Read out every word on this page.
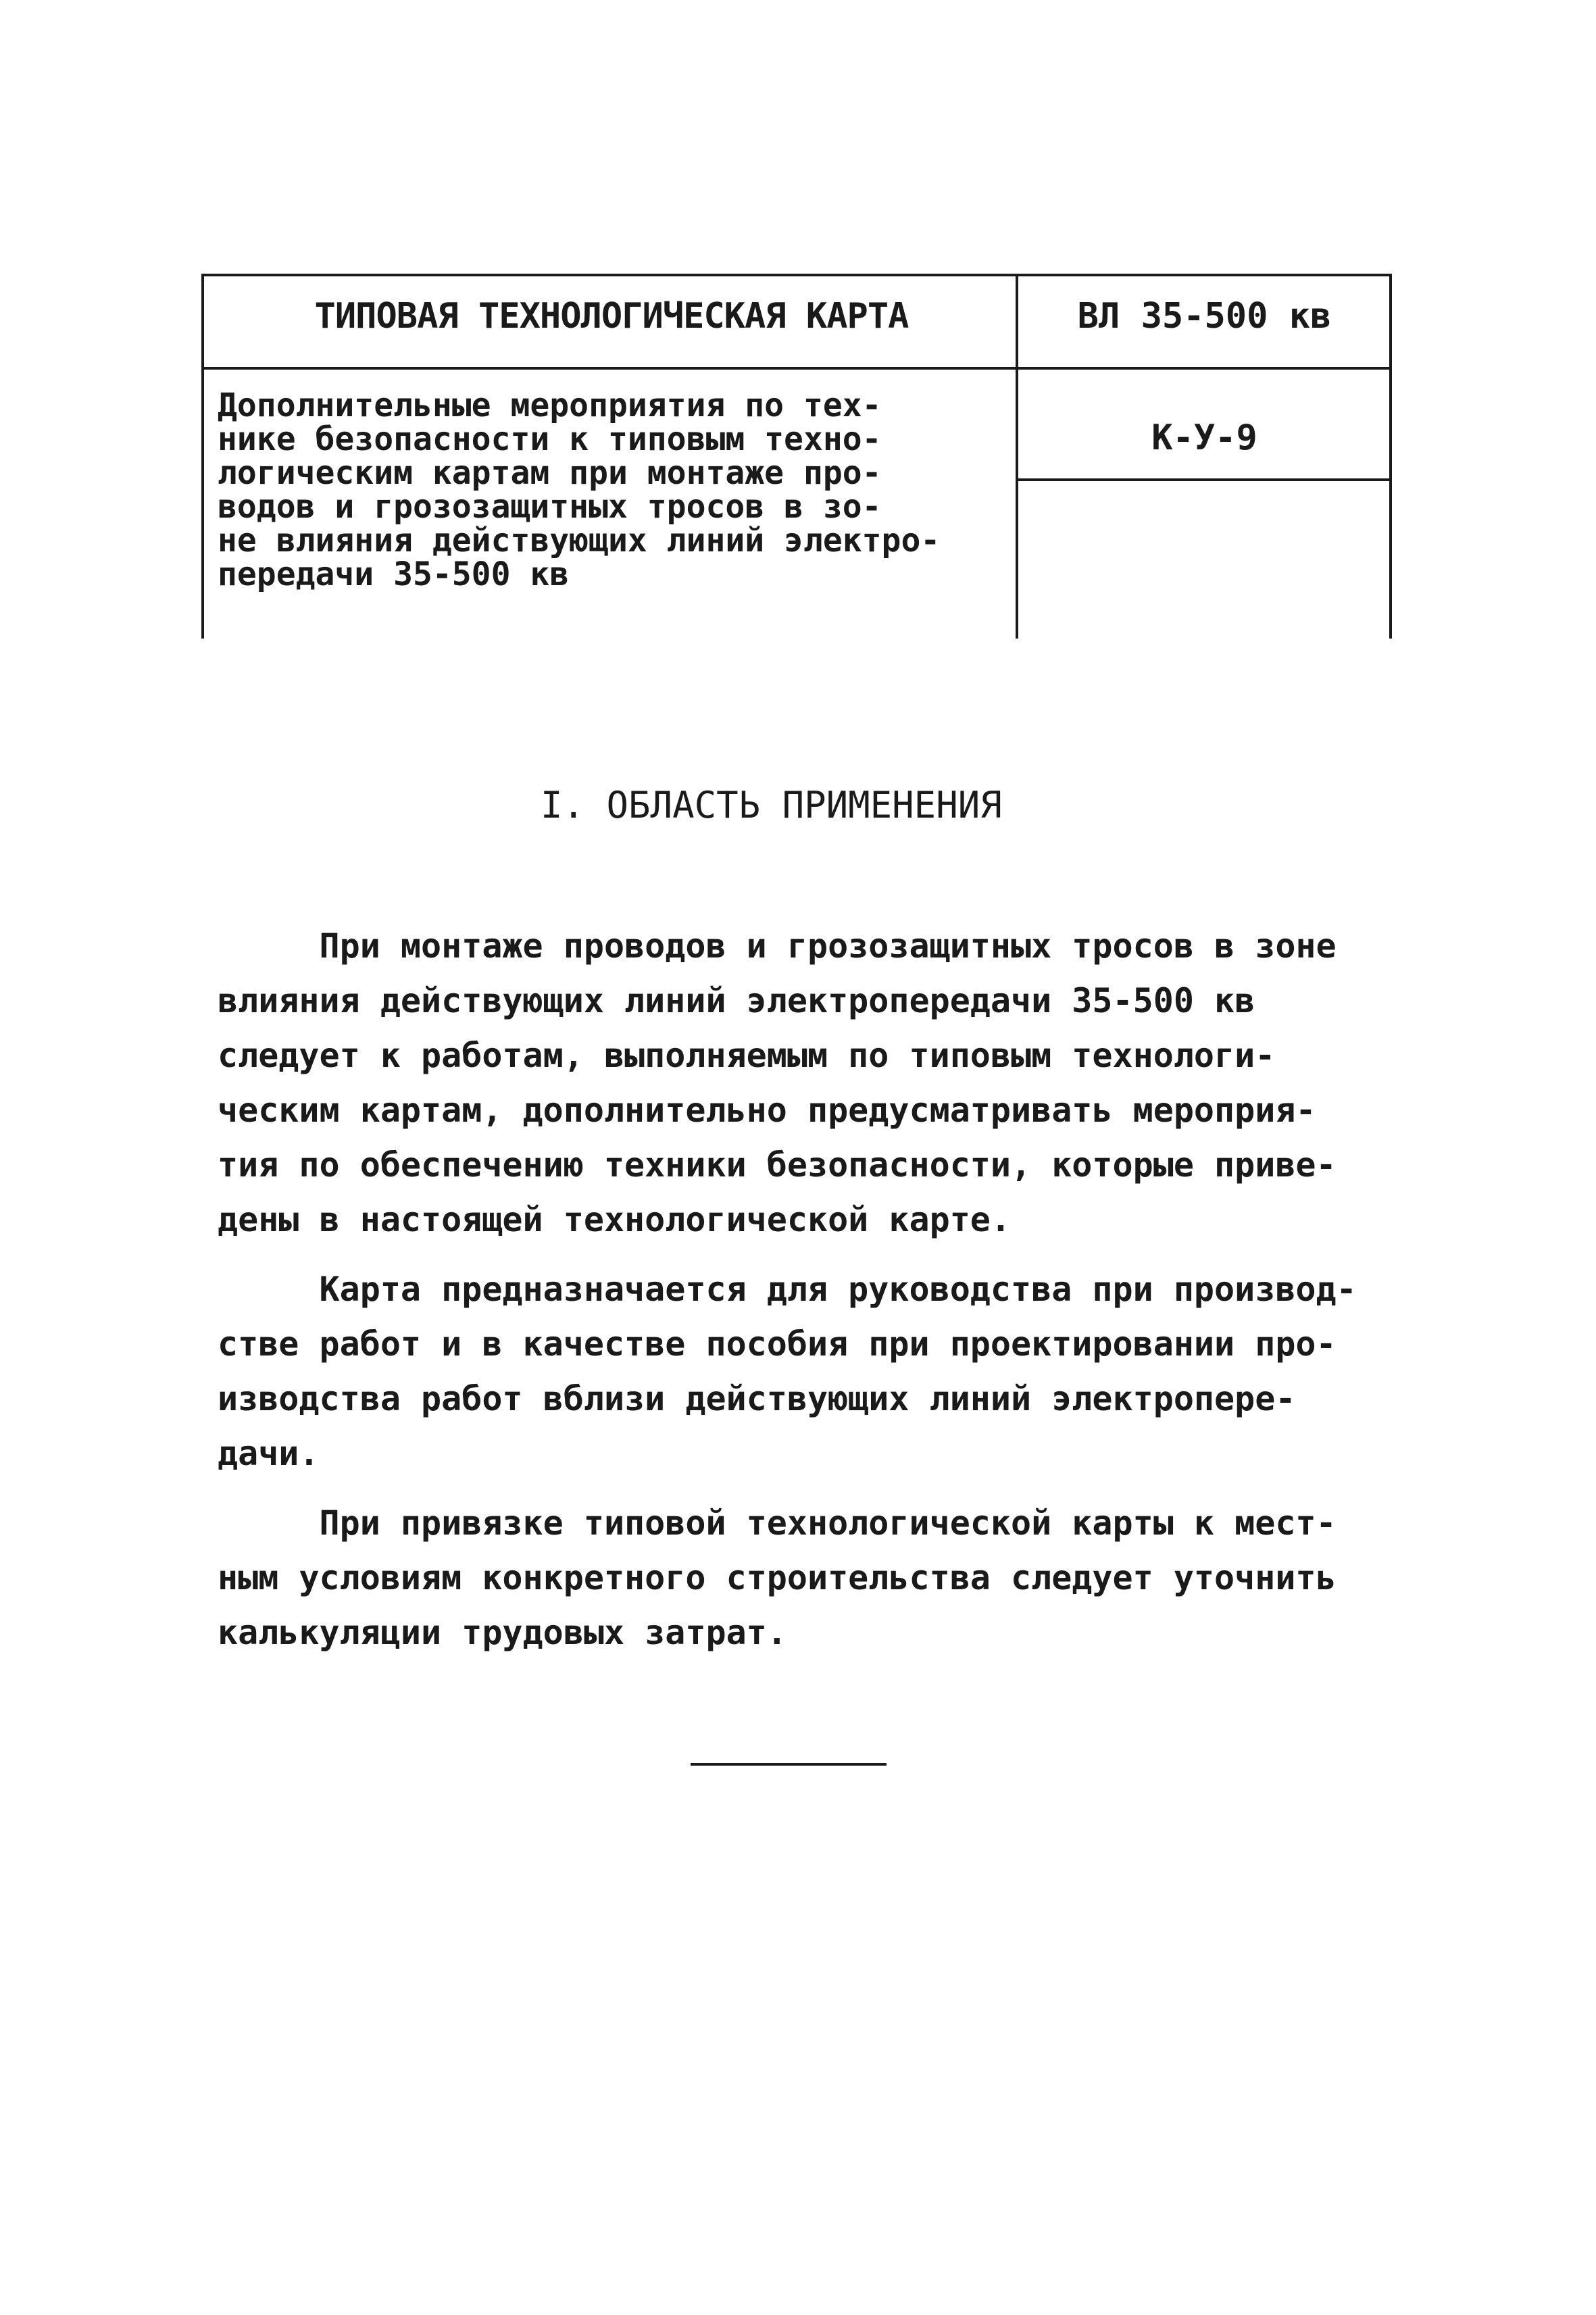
ТИПОВАЯ ТЕХНОЛОГИЧЕСКАЯ КАРТА	ВЛ 35-500 кв
Дополнительные мероприятия по тех-
нике безопасности к типовым техно-
логическим картам при монтаже про-
водов и грозозащитных тросов в зо-
не влияния действующих линий электро-
передачи 35-500 кв
К-У-9
I. ОБЛАСТЬ ПРИМЕНЕНИЯ
При монтаже проводов и грозозащитных тросов в зоне
влияния действующих линий электропередачи 35-500 кв
следует к работам, выполняемым по типовым технологи-
ческим картам, дополнительно предусматривать мероприя-
тия по обеспечению техники безопасности, которые приве-
дены в настоящей технологической карте.
Карта предназначается для руководства при производ-
стве работ и в качестве пособия при проектировании про-
изводства работ вблизи действующих линий электропере-
дачи.
При привязке типовой технологической карты к мест-
ным условиям конкретного строительства следует уточнить
калькуляции трудовых затрат.
